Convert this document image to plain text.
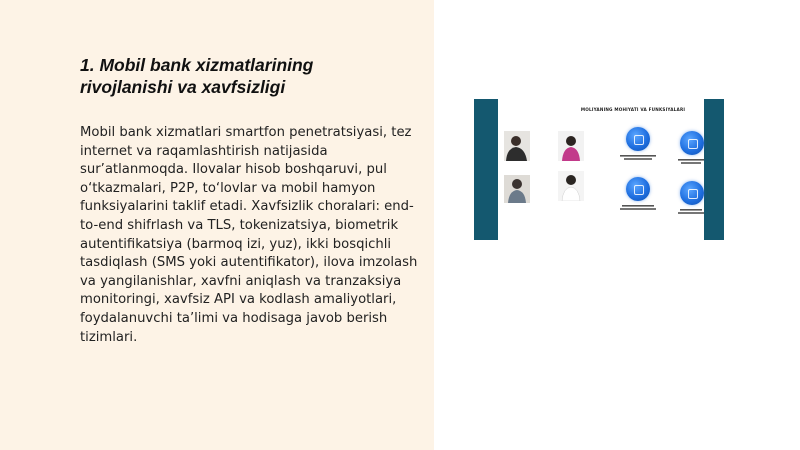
1. Mobil bank xizmatlarining rivojlanishi va xavfsizligi

Mobil bank xizmatlari smartfon penetratsiyasi, tez internet va raqamlashtirish natijasida sur’atlanmoqda. Ilovalar hisob boshqaruvi, pul o‘tkazmalari, P2P, to‘lovlar va mobil hamyon funksiyalarini taklif etadi. Xavfsizlik choralari: end-to-end shifrlash va TLS, tokenizatsiya, biometrik autentifikatsiya (barmoq izi, yuz), ikki bosqichli tasdiqlash (SMS yoki autentifikator), ilova imzolash va yangilanishlar, xavfni aniqlash va tranzaksiya monitoringi, xavfsiz API va kodlash amaliyotlari, foydalanuvchi ta’limi va hodisaga javob berish tizimlari.

MOLIYANING MOHIYATI VA FUNKSIYALARI
